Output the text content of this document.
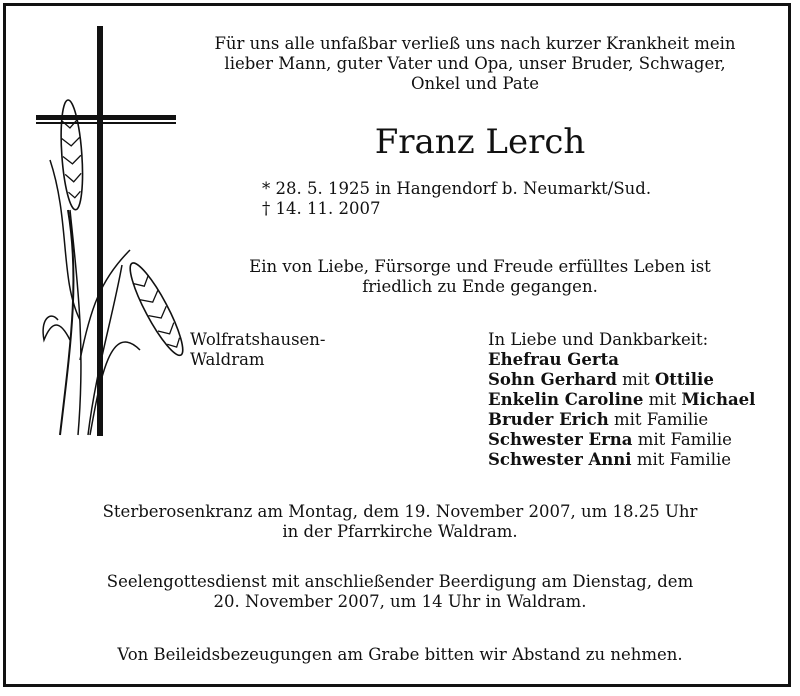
Für uns alle unfaßbar verließ uns nach kurzer Krankheit mein
lieber Mann, guter Vater und Opa, unser Bruder, Schwager,
Onkel und Pate
Franz Lerch
* 28. 5. 1925 in Hangendorf b. Neumarkt/Sud.
† 14. 11. 2007
Ein von Liebe, Fürsorge und Freude erfülltes Leben ist
friedlich zu Ende gegangen.
Wolfratshausen-
Waldram
In Liebe und Dankbarkeit:
Ehefrau Gerta
Sohn Gerhard mit Ottilie
Enkelin Caroline mit Michael
Bruder Erich mit Familie
Schwester Erna mit Familie
Schwester Anni mit Familie
Sterberosenkranz am Montag, dem 19. November 2007, um 18.25 Uhr
in der Pfarrkirche Waldram.
Seelengottesdienst mit anschließender Beerdigung am Dienstag, dem
20. November 2007, um 14 Uhr in Waldram.
Von Beileidsbezeugungen am Grabe bitten wir Abstand zu nehmen.
